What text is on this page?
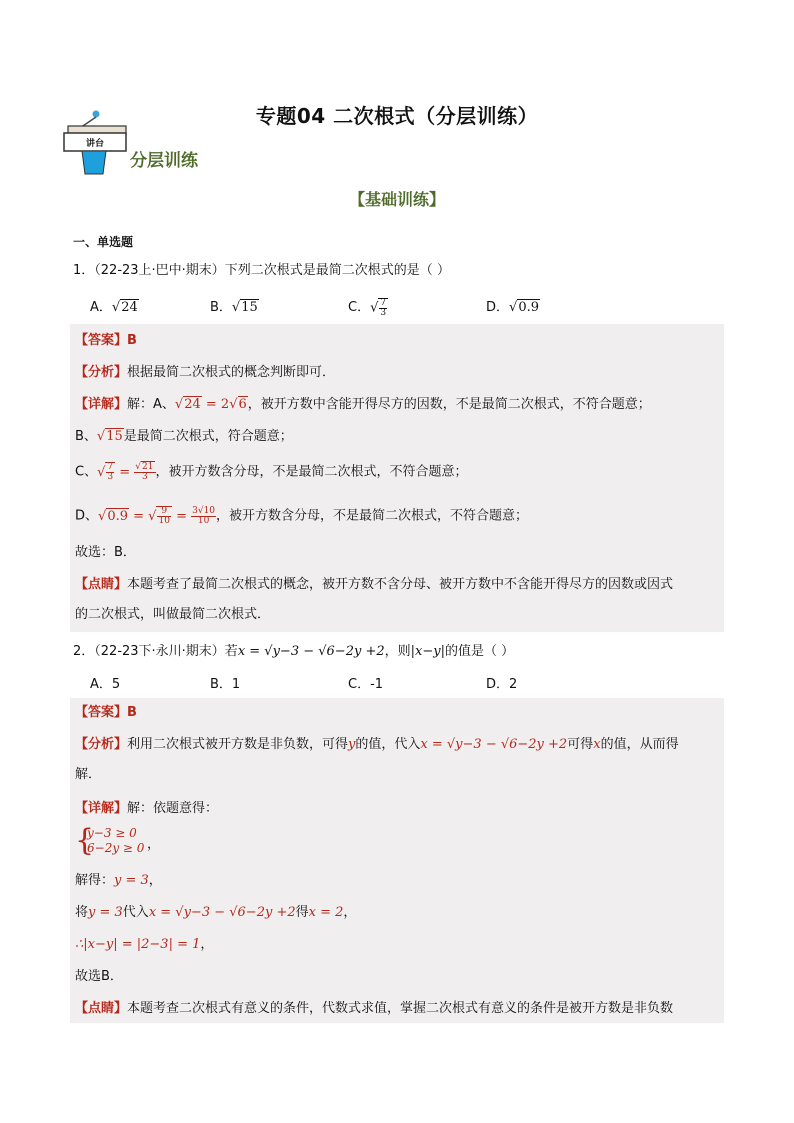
专题04 二次根式（分层训练）
讲台
分层训练
【基础训练】
一、单选题
1．（22-23上·巴中·期末）下列二次根式是最简二次根式的是（ ）
A．√24	B．√15	C．√ $\frac{7}{3}$	D．√0.9
【答案】B
【分析】根据最简二次根式的概念判断即可．
【详解】解：A、√24 = 2√6，被开方数中含能开得尽方的因数，不是最简二次根式，不符合题意；
B、√15是最简二次根式，符合题意；
C、√ $\frac{7}{3} = \frac{√21}{3}$ ，被开方数含分母，不是最简二次根式，不符合题意；
D、√0.9 = √ $\frac{9}{10} = \frac{3√10}{10}$ ，被开方数含分母，不是最简二次根式，不符合题意；
故选：B．
【点睛】本题考查了最简二次根式的概念，被开方数不含分母、被开方数中不含能开得尽方的因数或因式
的二次根式，叫做最简二次根式．
2．（22-23下·永川·期末）若x = √y−3 − √6−2y +2，则|x−y|的值是（ ）
A．5	B．1	C．-1	D．2
【答案】B
【分析】利用二次根式被开方数是非负数，可得y的值，代入x = √y−3 − √6−2y +2可得x的值，从而得
解．
【详解】解：依题意得：
{
y−3 ≥ 0
6−2y ≥ 0 ，
解得：y = 3，
将y = 3代入x = √y−3 − √6−2y +2得x = 2，
∴|x−y| = |2−3| = 1，
故选B．
【点睛】本题考查二次根式有意义的条件，代数式求值，掌握二次根式有意义的条件是被开方数是非负数
